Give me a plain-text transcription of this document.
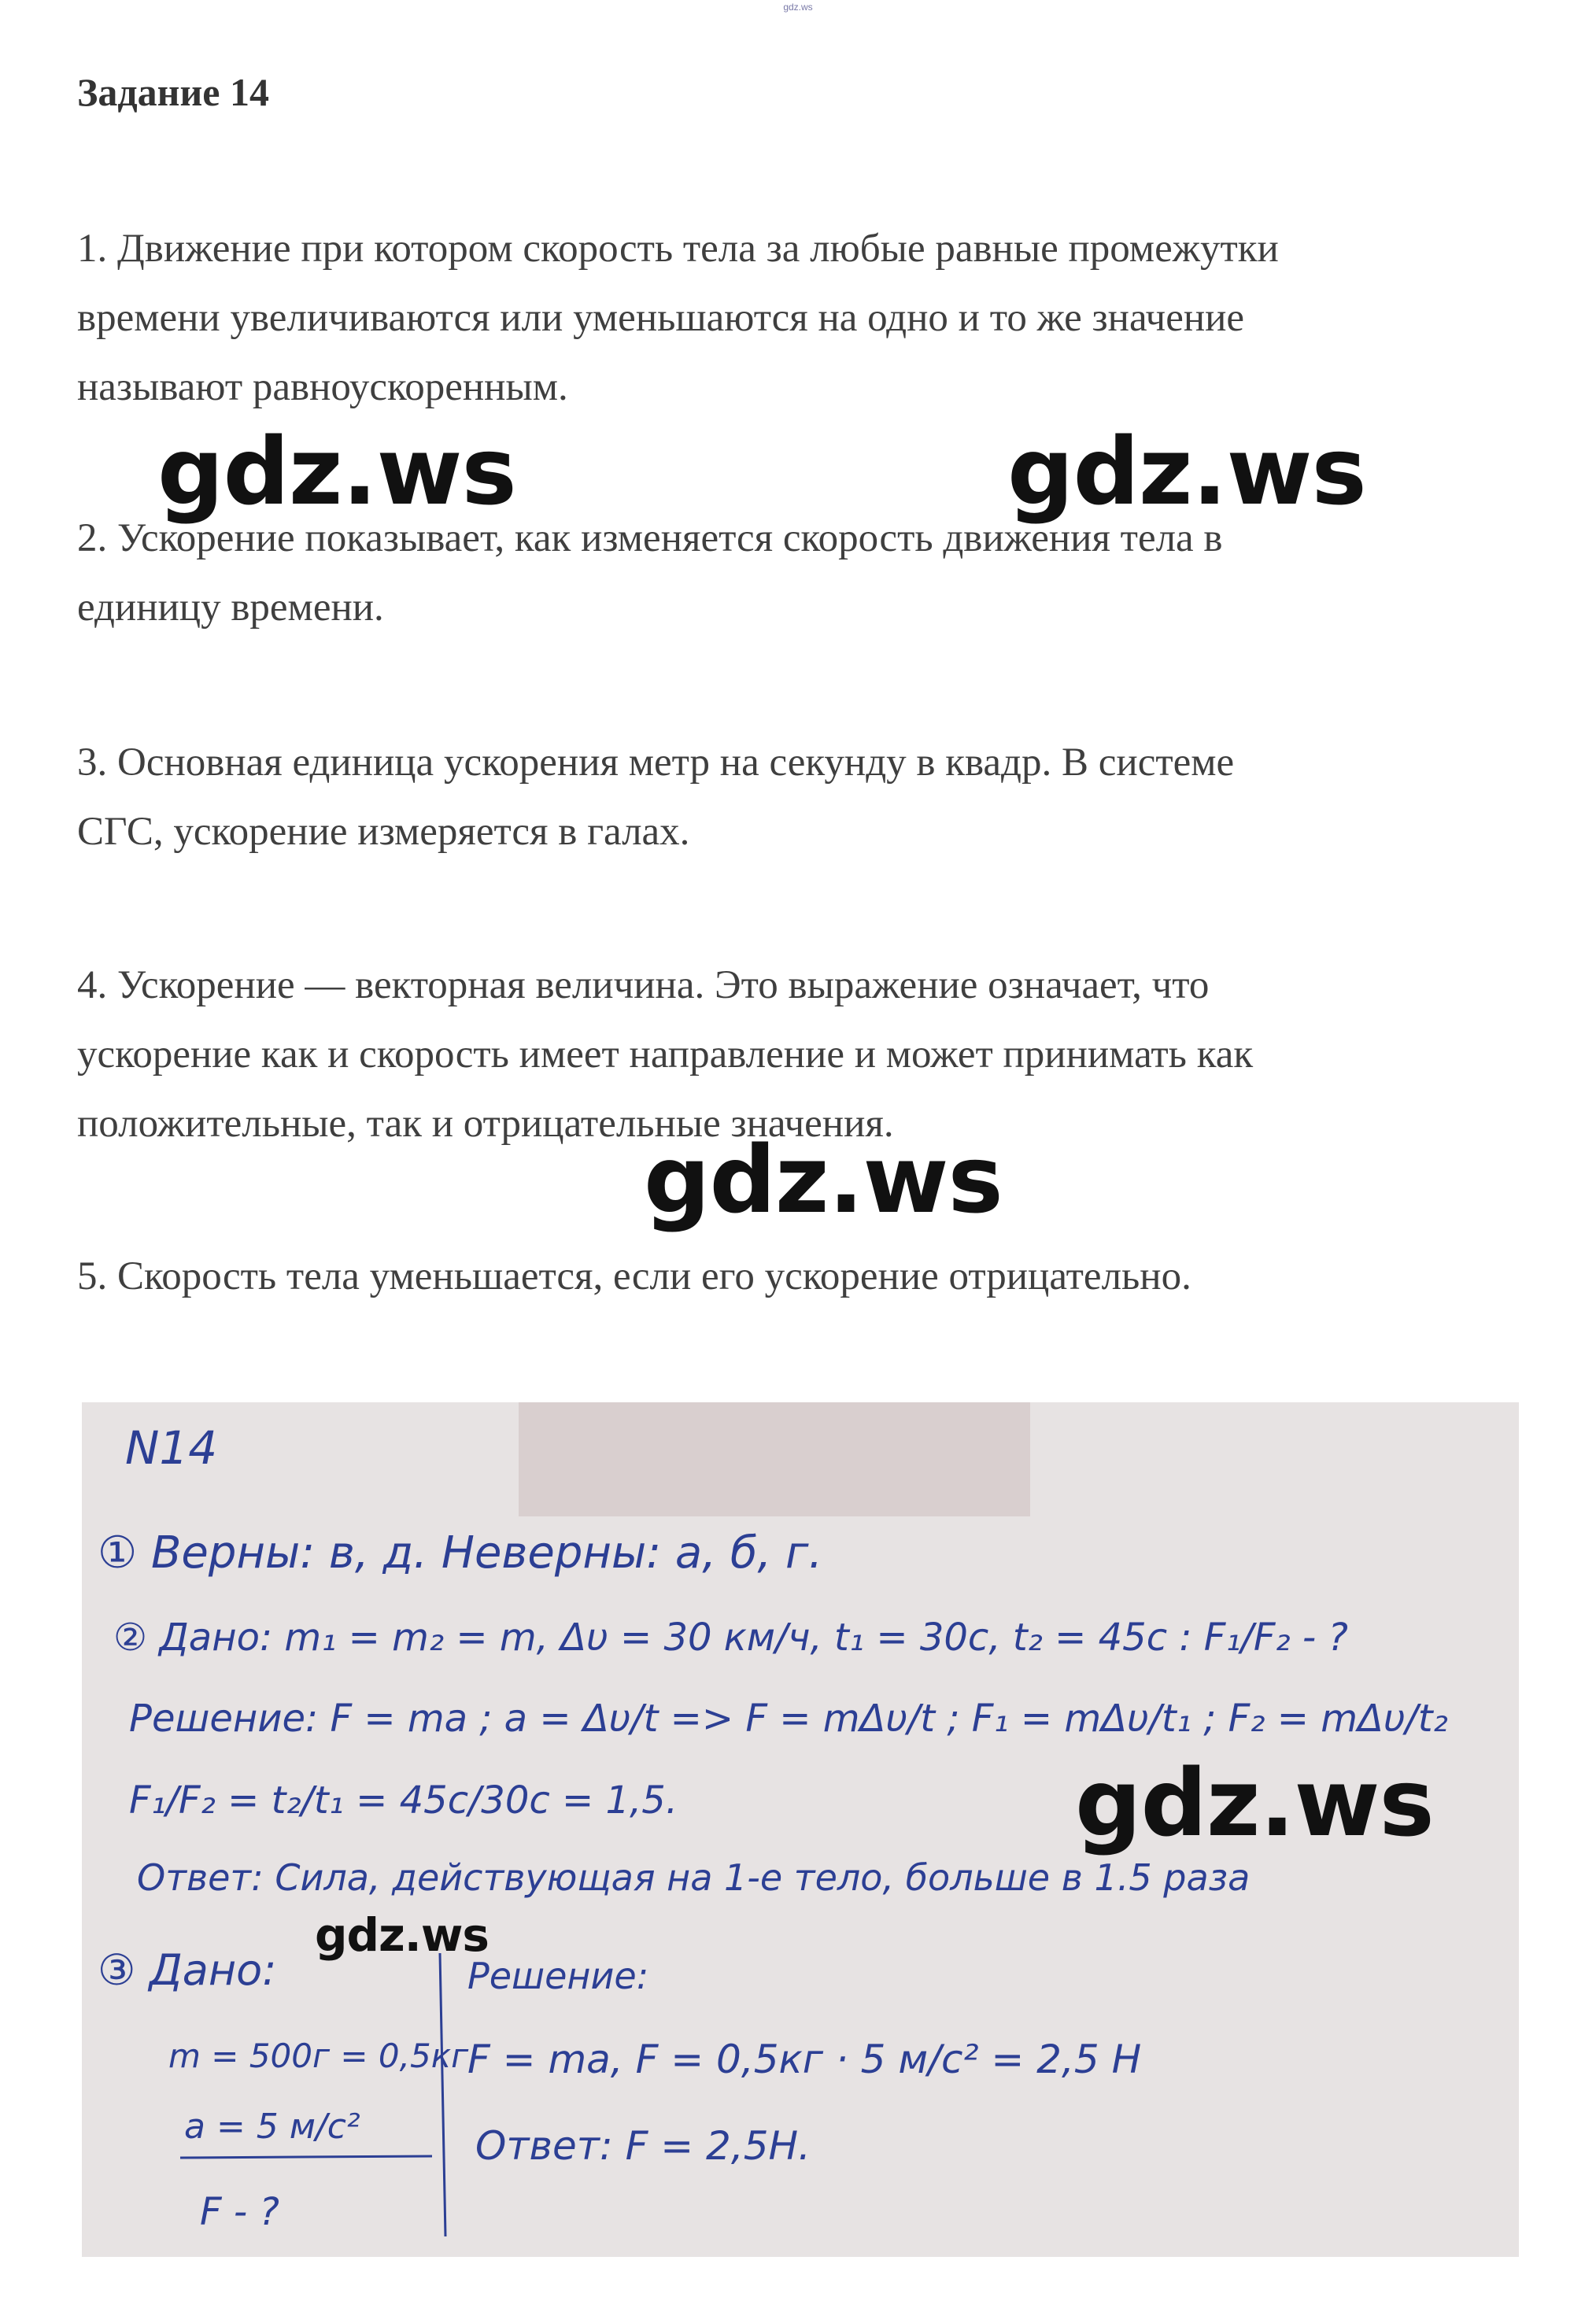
gdz.ws
Задание 14
1. Движение при котором скорость тела за любые равные промежутки
времени увеличиваются или уменьшаются на одно и то же значение
называют равноускоренным.
2. Ускорение показывает, как изменяется скорость движения тела в
единицу времени.
3. Основная единица ускорения метр на секунду в квадр. В системе
СГС, ускорение измеряется в галах.
4. Ускорение — векторная величина. Это выражение означает, что
ускорение как и скорость имеет направление и может принимать как
положительные, так и отрицательные значения.
5. Скорость тела уменьшается, если его ускорение отрицательно.
gdz.ws	gdz.ws
gdz.ws
N14
① Верны: в, д. Неверны: а, б, г.
② Дано: m₁ = m₂ = m, Δυ = 30 км/ч, t₁ = 30с, t₂ = 45с : F₁/F₂ - ?
Решение: F = ma ; a = Δυ/t => F = mΔυ/t ; F₁ = mΔυ/t₁ ; F₂ = mΔυ/t₂
F₁/F₂ = t₂/t₁ = 45с/30с = 1,5.
Ответ: Сила, действующая на 1-е тело, больше в 1.5 раза
③ Дано:
m = 500г = 0,5кг
a = 5 м/с²
F - ?
Решение:
F = ma, F = 0,5кг · 5 м/с² = 2,5 Н
Ответ: F = 2,5Н.
gdz.ws
gdz.ws
